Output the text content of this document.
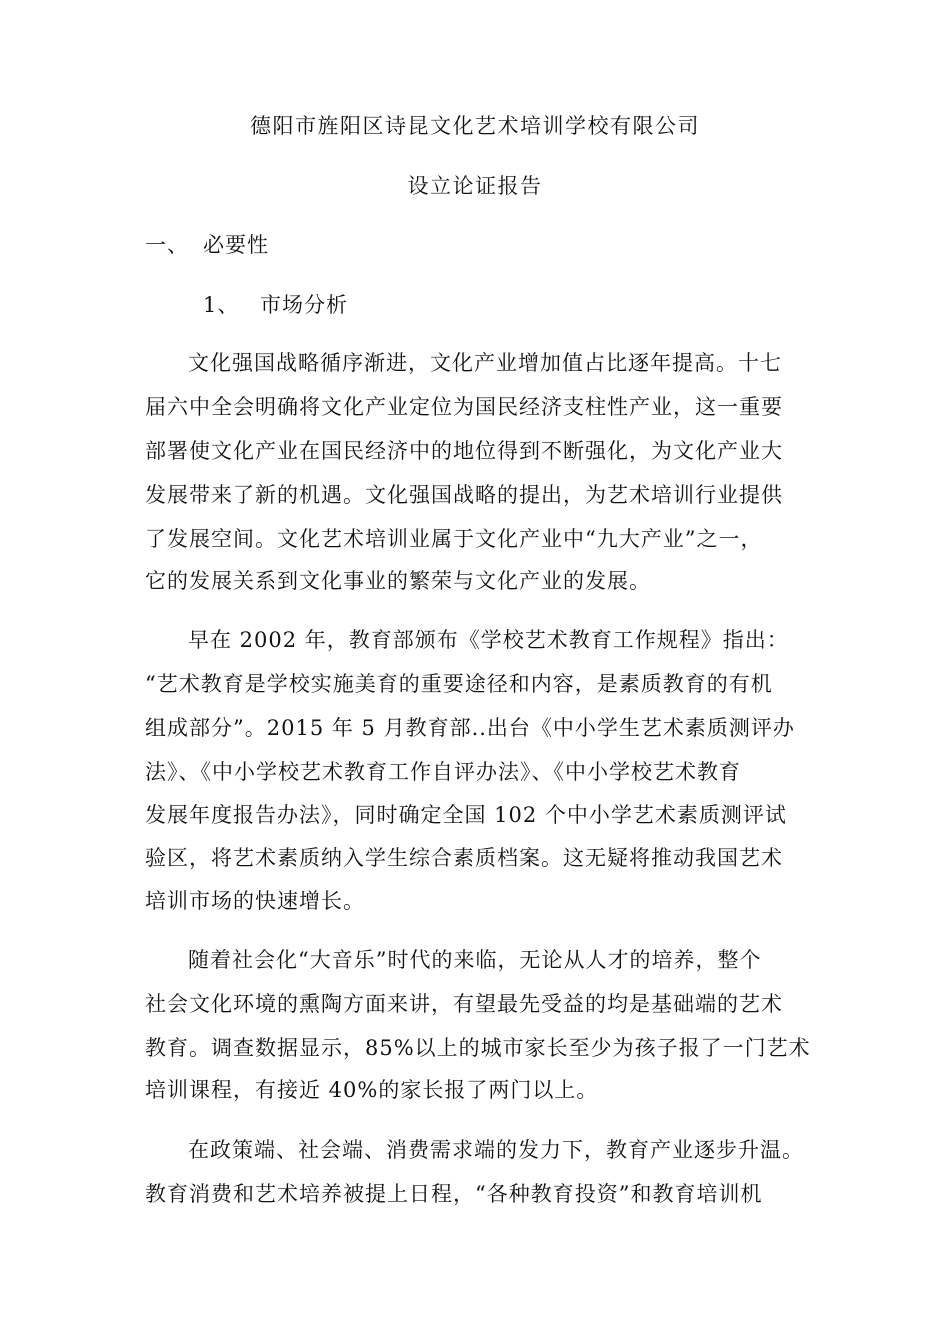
德阳市旌阳区诗昆文化艺术培训学校有限公司
设立论证报告
一、 必要性
1、 市场分析
文化强国战略循序渐进，文化产业增加值占比逐年提高。十七
届六中全会明确将文化产业定位为国民经济支柱性产业，这一重要
部署使文化产业在国民经济中的地位得到不断强化，为文化产业大
发展带来了新的机遇。文化强国战略的提出，为艺术培训行业提供
了发展空间。文化艺术培训业属于文化产业中“九大产业”之一，
它的发展关系到文化事业的繁荣与文化产业的发展。
早在 2002 年，教育部颁布《学校艺术教育工作规程》指出：
“艺术教育是学校实施美育的重要途径和内容，是素质教育的有机
组成部分”。2015 年 5 月教育部..出台《中小学生艺术素质测评办
法》、《中小学校艺术教育工作自评办法》、《中小学校艺术教育
发展年度报告办法》，同时确定全国 102 个中小学艺术素质测评试
验区，将艺术素质纳入学生综合素质档案。这无疑将推动我国艺术
培训市场的快速增长。
随着社会化“大音乐”时代的来临，无论从人才的培养，整个
社会文化环境的熏陶方面来讲，有望最先受益的均是基础端的艺术
教育。调查数据显示，85%以上的城市家长至少为孩子报了一门艺术
培训课程，有接近 40%的家长报了两门以上。
在政策端、社会端、消费需求端的发力下，教育产业逐步升温。
教育消费和艺术培养被提上日程，“各种教育投资”和教育培训机
